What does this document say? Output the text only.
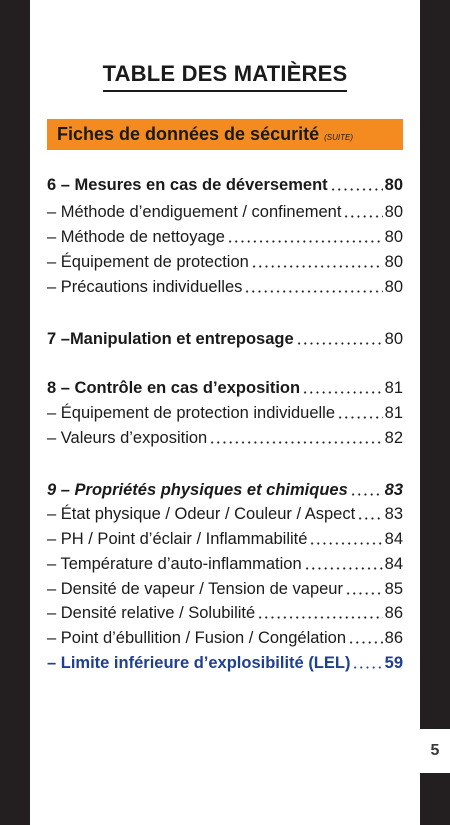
5
TABLE DES MATIÈRES
Fiches de données de sécurité (SUITE)
6 – Mesures en cas de déversement	80
– Méthode d’endiguement / confinement	80
– Méthode de nettoyage	80
– Équipement de protection	80
– Précautions individuelles	80
7 – Manipulation et entreposage	80
8 – Contrôle en cas d’exposition	81
– Équipement de protection individuelle	81
– Valeurs d’exposition	82
9 – Propriétés physiques et chimiques 83
– État physique / Odeur / Couleur / Aspect 83
– PH / Point d’éclair / Inflammabilité	84
– Température d’auto-inflammation	84
– Densité de vapeur / Tension de vapeur	85
– Densité relative / Solubilité	86
– Point d’ébullition / Fusion / Congélation 86
– Limite inférieure d’explosibilité (LEL) 59
